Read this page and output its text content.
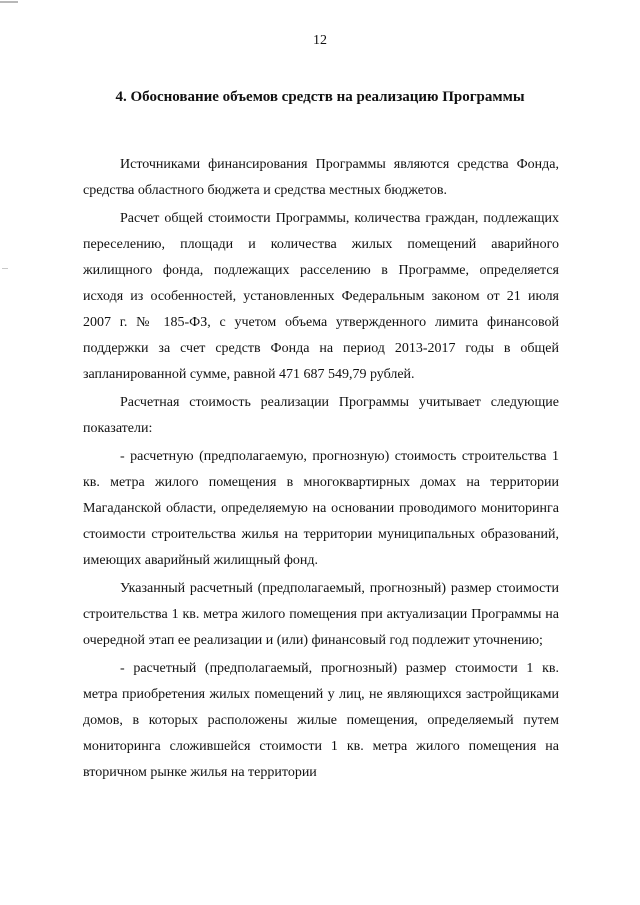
12
4. Обоснование объемов средств на реализацию Программы

Источниками финансирования Программы являются средства Фонда, средства областного бюджета и средства местных бюджетов.

Расчет общей стоимости Программы, количества граждан, подлежащих переселению, площади и количества жилых помещений аварийного жилищного фонда, подлежащих расселению в Программе, определяется исходя из особенностей, установленных Федеральным законом от 21 июля 2007 г. № 185-ФЗ, с учетом объема утвержденного лимита финансовой поддержки за счет средств Фонда на период 2013-2017 годы в общей запланированной сумме, равной 471 687 549,79 рублей.

Расчетная стоимость реализации Программы учитывает следующие показатели:

- расчетную (предполагаемую, прогнозную) стоимость строительства 1 кв. метра жилого помещения в многоквартирных домах на территории Магаданской области, определяемую на основании проводимого мониторинга стоимости строительства жилья на территории муниципальных образований, имеющих аварийный жилищный фонд.

Указанный расчетный (предполагаемый, прогнозный) размер стоимости строительства 1 кв. метра жилого помещения при актуализации Программы на очередной этап ее реализации и (или) финансовый год подлежит уточнению;

- расчетный (предполагаемый, прогнозный) размер стоимости 1 кв. метра приобретения жилых помещений у лиц, не являющихся застройщиками домов, в которых расположены жилые помещения, определяемый путем мониторинга сложившейся стоимости 1 кв. метра жилого помещения на вторичном рынке жилья на территории
